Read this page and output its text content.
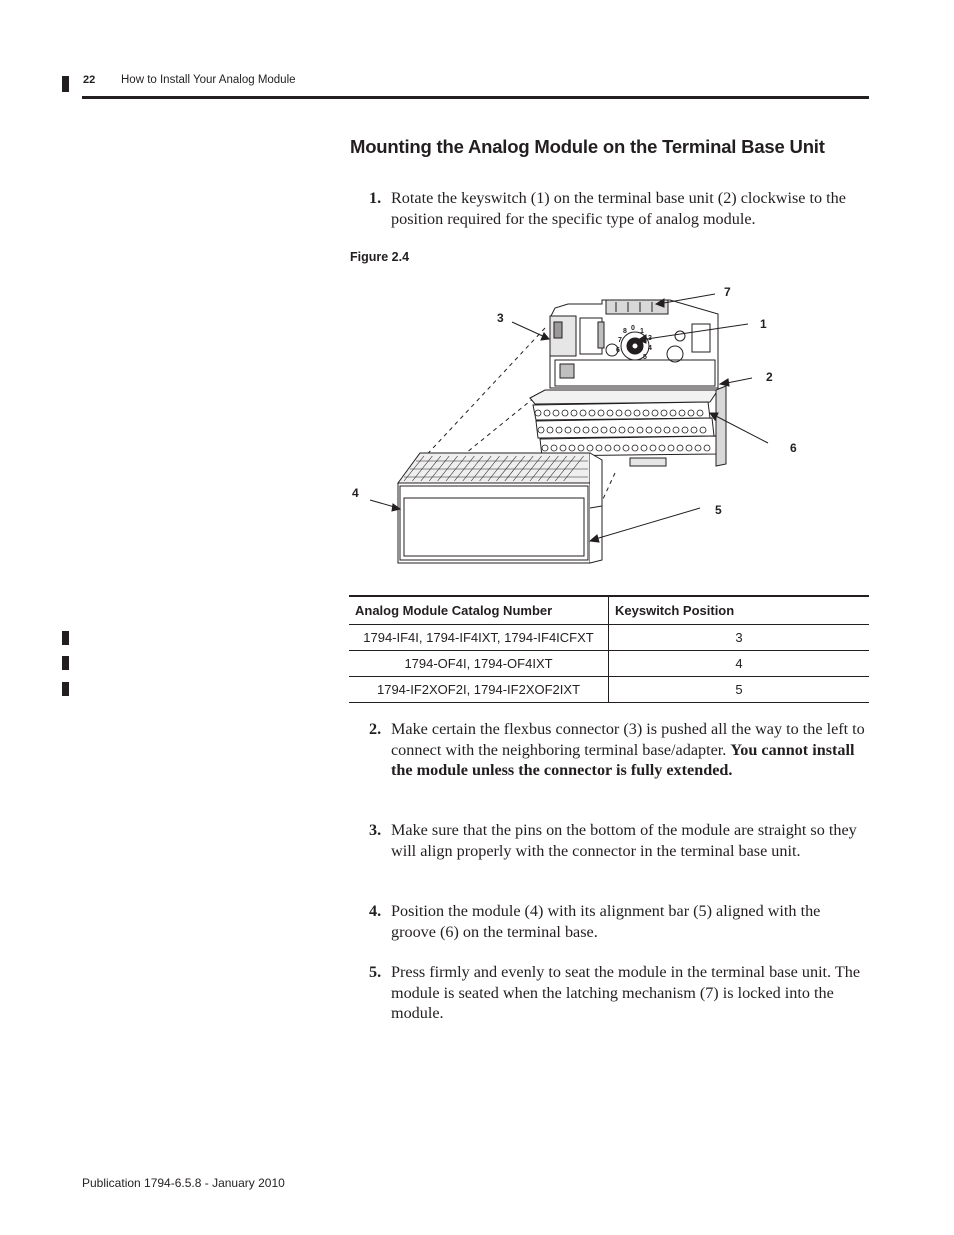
22 How to Install Your Analog Module
Mounting the Analog Module on the Terminal Base Unit
1. Rotate the keyswitch (1) on the terminal base unit (2) clockwise to the position required for the specific type of analog module.
Figure 2.4
0 1
3
8
7
6	4
5
1
2
3
4
5
6
7
Analog Module Catalog Number	Keyswitch Position
1794-IF4I, 1794-IF4IXT, 1794-IF4ICFXT	3
1794-OF4I, 1794-OF4IXT	4
1794-IF2XOF2I, 1794-IF2XOF2IXT	5
2. Make certain the flexbus connector (3) is pushed all the way to the left to connect with the neighboring terminal base/adapter. You cannot install the module unless the connector is fully extended.
3. Make sure that the pins on the bottom of the module are straight so they will align properly with the connector in the terminal base unit.
4. Position the module (4) with its alignment bar (5) aligned with the groove (6) on the terminal base.
5. Press firmly and evenly to seat the module in the terminal base unit. The module is seated when the latching mechanism (7) is locked into the module.
Publication 1794-6.5.8 - January 2010
